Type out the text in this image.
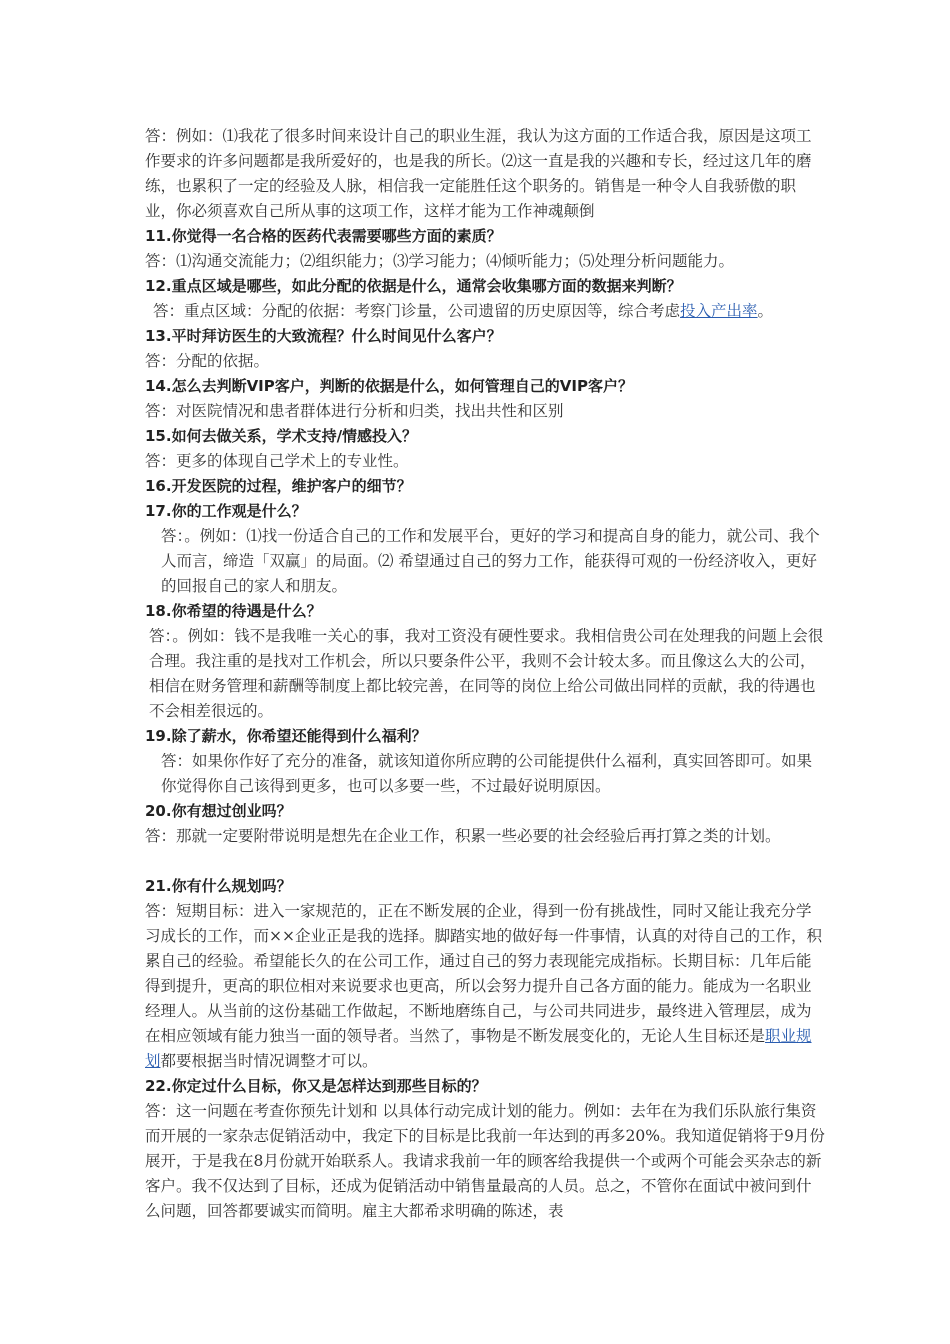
答：例如：⑴我花了很多时间来设计自己的职业生涯，我认为这方面的工作适合我，原因是这项工作要求的许多问题都是我所爱好的，也是我的所长。⑵这一直是我的兴趣和专长，经过这几年的磨练，也累积了一定的经验及人脉，相信我一定能胜任这个职务的。销售是一种令人自我骄傲的职业，你必须喜欢自己所从事的这项工作，这样才能为工作神魂颠倒

11.你觉得一名合格的医药代表需要哪些方面的素质？

答：⑴沟通交流能力；⑵组织能力；⑶学习能力；⑷倾听能力；⑸处理分析问题能力。

12.重点区域是哪些，如此分配的依据是什么，通常会收集哪方面的数据来判断？

答：重点区域：分配的依据：考察门诊量，公司遗留的历史原因等，综合考虑投入产出率。

13.平时拜访医生的大致流程？什么时间见什么客户？

答：分配的依据。

14.怎么去判断VIP客户，判断的依据是什么，如何管理自己的VIP客户？

答：对医院情况和患者群体进行分析和归类，找出共性和区别

15.如何去做关系，学术支持/情感投入？

答：更多的体现自己学术上的专业性。

16.开发医院的过程，维护客户的细节？

17.你的工作观是什么？

答：。例如：⑴找一份适合自己的工作和发展平台，更好的学习和提高自身的能力，就公司、我个人而言，缔造「双赢」的局面。⑵ 希望通过自己的努力工作，能获得可观的一份经济收入，更好的回报自己的家人和朋友。

18.你希望的待遇是什么？

答：。例如：钱不是我唯一关心的事，我对工资没有硬性要求。我相信贵公司在处理我的问题上会很合理。我注重的是找对工作机会，所以只要条件公平，我则不会计较太多。而且像这么大的公司，相信在财务管理和薪酬等制度上都比较完善，在同等的岗位上给公司做出同样的贡献，我的待遇也不会相差很远的。

19.除了薪水，你希望还能得到什么福利？

答：如果你作好了充分的准备，就该知道你所应聘的公司能提供什么福利，真实回答即可。如果你觉得你自己该得到更多，也可以多要一些，不过最好说明原因。

20.你有想过创业吗？

答：那就一定要附带说明是想先在企业工作，积累一些必要的社会经验后再打算之类的计划。

21.你有什么规划吗？

答：短期目标：进入一家规范的，正在不断发展的企业，得到一份有挑战性，同时又能让我充分学习成长的工作，而××企业正是我的选择。脚踏实地的做好每一件事情，认真的对待自己的工作，积累自己的经验。希望能长久的在公司工作，通过自己的努力表现能完成指标。长期目标：几年后能得到提升，更高的职位相对来说要求也更高，所以会努力提升自己各方面的能力。能成为一名职业经理人。从当前的这份基础工作做起，不断地磨练自己，与公司共同进步，最终进入管理层，成为在相应领域有能力独当一面的领导者。当然了，事物是不断发展变化的，无论人生目标还是职业规划都要根据当时情况调整才可以。

22.你定过什么目标，你又是怎样达到那些目标的？

答：这一问题在考查你预先计划和 以具体行动完成计划的能力。例如：去年在为我们乐队旅行集资而开展的一家杂志促销活动中，我定下的目标是比我前一年达到的再多20%。我知道促销将于9月份展开，于是我在8月份就开始联系人。我请求我前一年的顾客给我提供一个或两个可能会买杂志的新客户。我不仅达到了目标，还成为促销活动中销售量最高的人员。总之，不管你在面试中被问到什么问题，回答都要诚实而简明。雇主大都希求明确的陈述，表
